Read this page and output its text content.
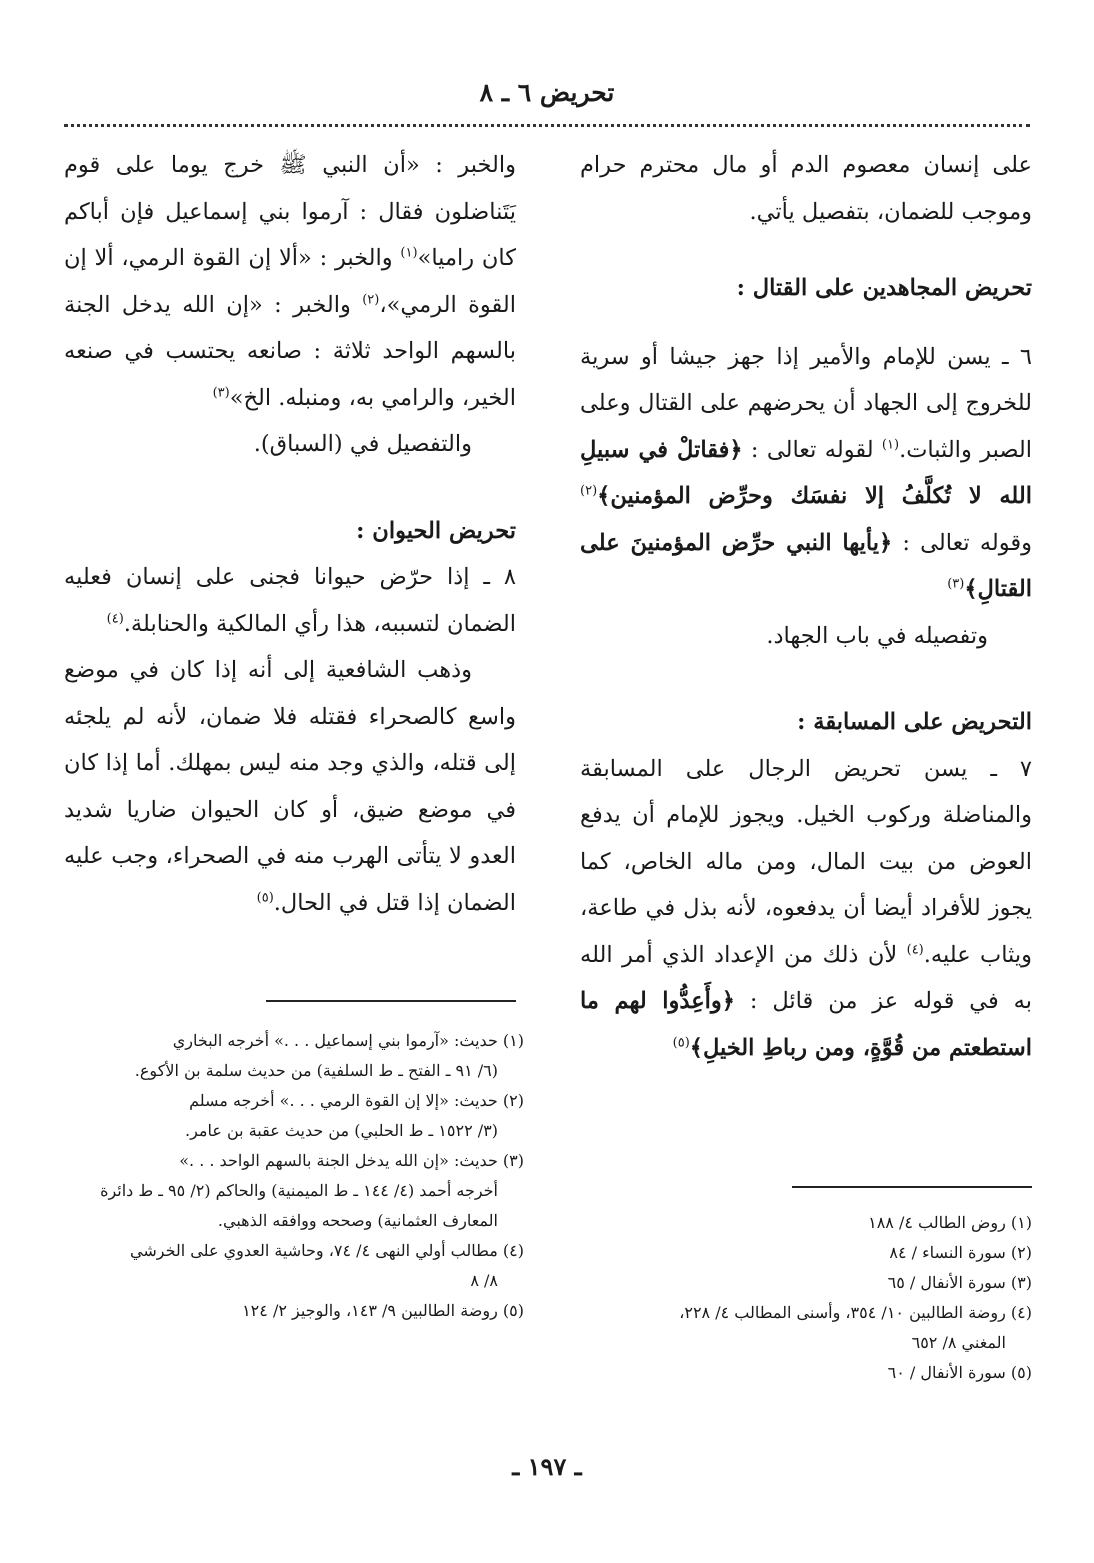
تحريض ٦ ـ ٨

على إنسان معصوم الدم أو مال محترم حرام وموجب للضمان، بتفصيل يأتي.

تحريض المجاهدين على القتال :

٦ ـ يسن للإمام والأمير إذا جهز جيشا أو سرية للخروج إلى الجهاد أن يحرضهم على القتال وعلى الصبر والثبات.$^{(١)}$ لقوله تعالى : ﴿فقاتلْ في سبيلِ الله لا تُكلَّفُ إلا نفسَك وحرِّض المؤمنين﴾$^{(٢)}$ وقوله تعالى : ﴿يأيها النبي حرِّض المؤمنينَ على القتالِ﴾$^{(٣)}$

وتفصيله في باب الجهاد.

التحريض على المسابقة :

٧ ـ يسن تحريض الرجال على المسابقة والمناضلة وركوب الخيل. ويجوز للإمام أن يدفع العوض من بيت المال، ومن ماله الخاص، كما يجوز للأفراد أيضا أن يدفعوه، لأنه بذل في طاعة، ويثاب عليه.$^{(٤)}$ لأن ذلك من الإعداد الذي أمر الله به في قوله عز من قائل : ﴿وأَعِدُّوا لهم ما استطعتم من قُوَّةٍ، ومن رباطِ الخيلِ﴾$^{(٥)}$

والخبر : «أن النبي ﷺ خرج يوما على قوم يَتَناضلون فقال : آرموا بني إسماعيل فإن أباكم كان راميا»$^{(١)}$ والخبر : «ألا إن القوة الرمي، ألا إن القوة الرمي»،$^{(٢)}$ والخبر : «إن الله يدخل الجنة بالسهم الواحد ثلاثة : صانعه يحتسب في صنعه الخير، والرامي به، ومنبله. الخ»$^{(٣)}$

والتفصيل في (السباق).

تحريض الحيوان :

٨ ـ إذا حرّض حيوانا فجنى على إنسان فعليه الضمان لتسببه، هذا رأي المالكية والحنابلة.$^{(٤)}$

وذهب الشافعية إلى أنه إذا كان في موضع واسع كالصحراء فقتله فلا ضمان، لأنه لم يلجئه إلى قتله، والذي وجد منه ليس بمهلك. أما إذا كان في موضع ضيق، أو كان الحيوان ضاريا شديد العدو لا يتأتى الهرب منه في الصحراء، وجب عليه الضمان إذا قتل في الحال.$^{(٥)}$

(١) روض الطالب ٤/ ١٨٨

(٢) سورة النساء / ٨٤

(٣) سورة الأنفال / ٦٥

(٤) روضة الطالبين ١٠/ ٣٥٤، وأسنى المطالب ٤/ ٢٢٨،

المغني ٨/ ٦٥٢

(٥) سورة الأنفال / ٦٠

(١) حديث: «آرموا بني إسماعيل . . .» أخرجه البخاري

(٦/ ٩١ ـ الفتح ـ ط السلفية) من حديث سلمة بن الأكوع.

(٢) حديث: «إلا إن القوة الرمي . . .» أخرجه مسلم

(٣/ ١٥٢٢ ـ ط الحلبي) من حديث عقبة بن عامر.

(٣) حديث: «إن الله يدخل الجنة بالسهم الواحد . . .»

أخرجه أحمد (٤/ ١٤٤ ـ ط الميمنية) والحاكم (٢/ ٩٥ ـ ط دائرة المعارف العثمانية) وصححه ووافقه الذهبي.

(٤) مطالب أولي النهى ٤/ ٧٤، وحاشية العدوي على الخرشي

٨/ ٨

(٥) روضة الطالبين ٩/ ١٤٣، والوجيز ٢/ ١٢٤

ـ ١٩٧ ـ
